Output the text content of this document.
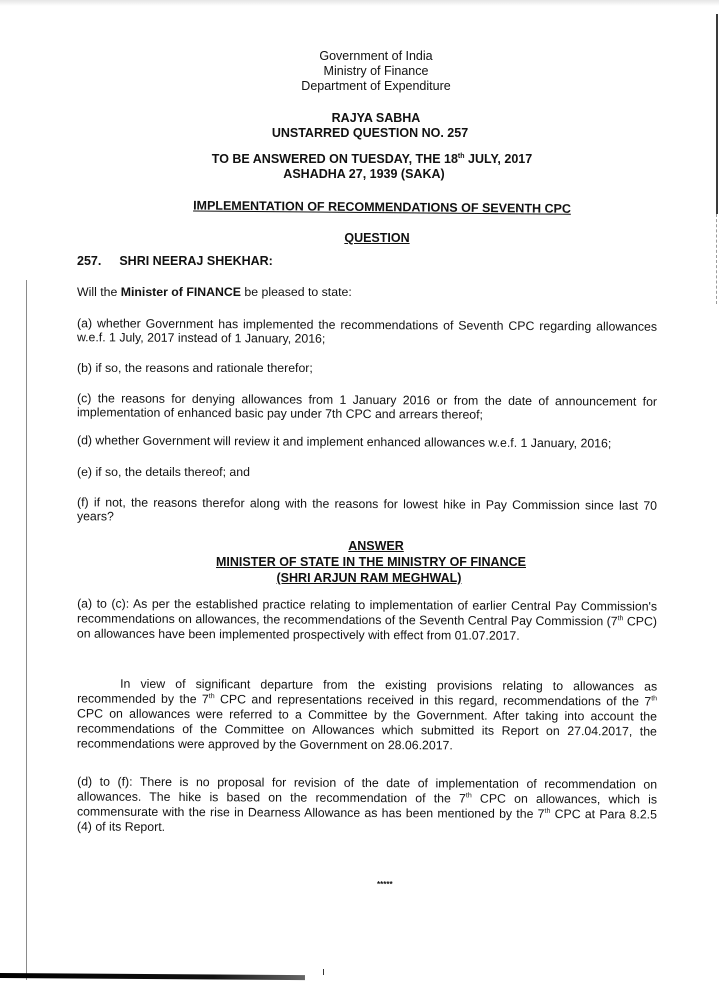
Government of India
Ministry of Finance
Department of Expenditure
RAJYA SABHA
UNSTARRED QUESTION NO. 257
TO BE ANSWERED ON TUESDAY, THE 18th JULY, 2017
ASHADHA 27, 1939 (SAKA)
IMPLEMENTATION OF RECOMMENDATIONS OF SEVENTH CPC
QUESTION
257. SHRI NEERAJ SHEKHAR:
Will the Minister of FINANCE be pleased to state:
(a) whether Government has implemented the recommendations of Seventh CPC regarding allowances w.e.f. 1 July, 2017 instead of 1 January, 2016;
(b) if so, the reasons and rationale therefor;
(c) the reasons for denying allowances from 1 January 2016 or from the date of announcement for implementation of enhanced basic pay under 7th CPC and arrears thereof;
(d) whether Government will review it and implement enhanced allowances w.e.f. 1 January, 2016;
(e) if so, the details thereof; and
(f) if not, the reasons therefor along with the reasons for lowest hike in Pay Commission since last 70 years?
ANSWER
MINISTER OF STATE IN THE MINISTRY OF FINANCE
(SHRI ARJUN RAM MEGHWAL)
(a) to (c): As per the established practice relating to implementation of earlier Central Pay Commission's recommendations on allowances, the recommendations of the Seventh Central Pay Commission (7th CPC) on allowances have been implemented prospectively with effect from 01.07.2017.
In view of significant departure from the existing provisions relating to allowances as recommended by the 7th CPC and representations received in this regard, recommendations of the 7th CPC on allowances were referred to a Committee by the Government. After taking into account the recommendations of the Committee on Allowances which submitted its Report on 27.04.2017, the recommendations were approved by the Government on 28.06.2017.
(d) to (f): There is no proposal for revision of the date of implementation of recommendation on allowances. The hike is based on the recommendation of the 7th CPC on allowances, which is commensurate with the rise in Dearness Allowance as has been mentioned by the 7th CPC at Para 8.2.5 (4) of its Report.
*****
